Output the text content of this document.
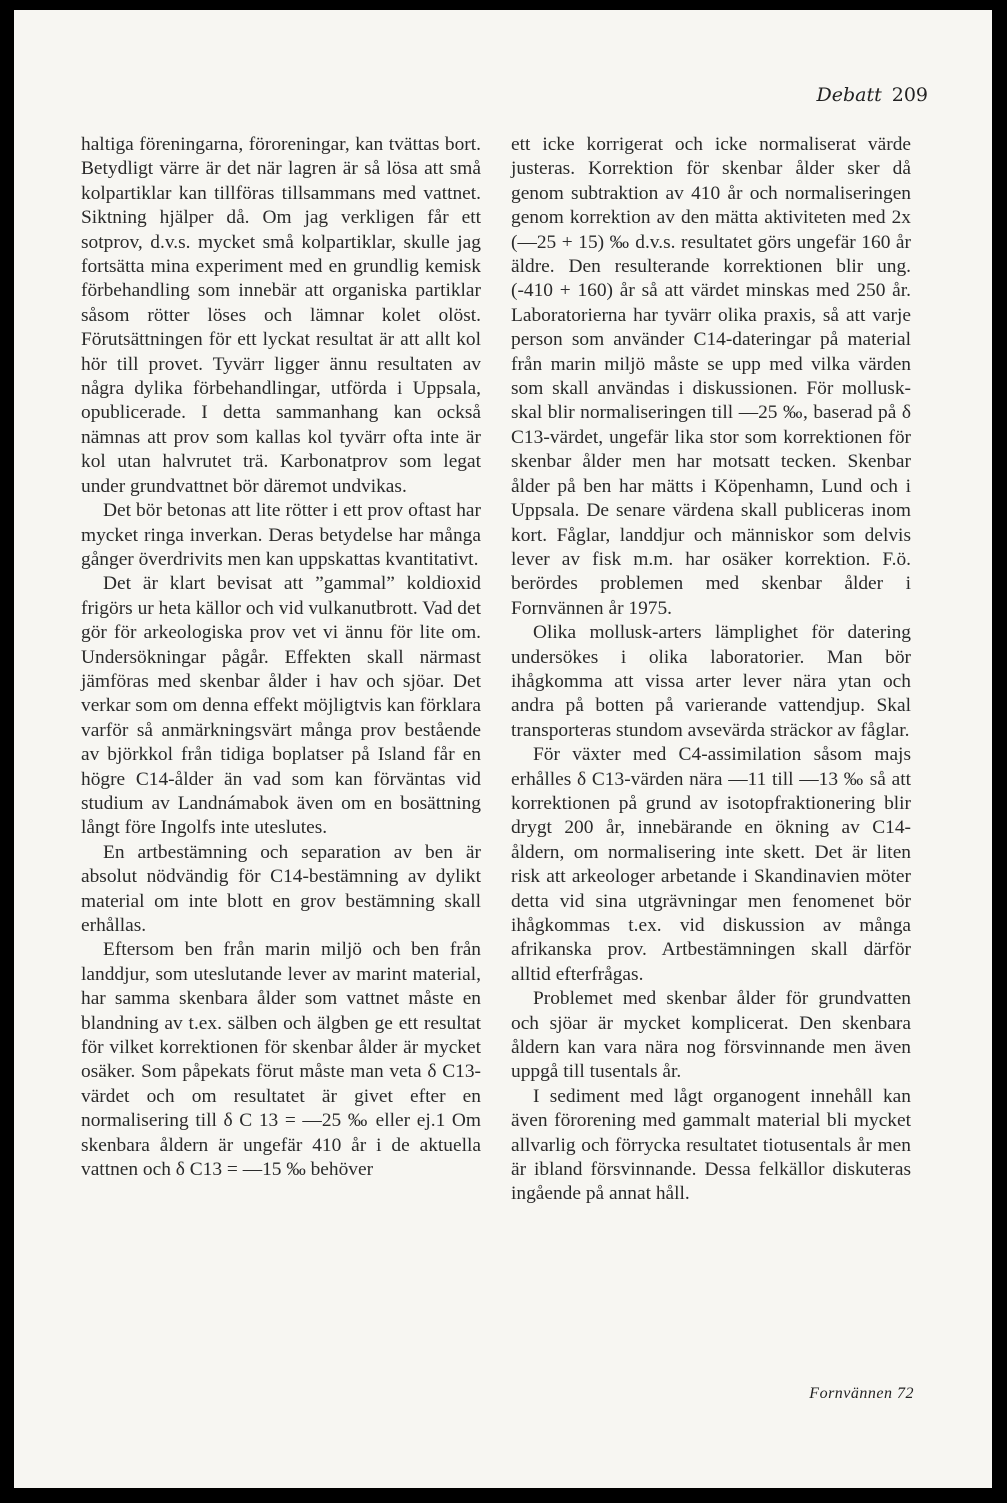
Debatt 209

haltiga föreningarna, föroreningar, kan tvättas bort. Betydligt värre är det när lagren är så lösa att små kolpartiklar kan tillföras tillsammans med vattnet. Siktning hjälper då. Om jag verkligen får ett sotprov, d.v.s. mycket små kolpartiklar, skulle jag fortsätta mina experiment med en grundlig kemisk förbehandling som innebär att organiska partiklar såsom rötter löses och lämnar kolet olöst. Förutsättningen för ett lyckat resultat är att allt kol hör till provet. Tyvärr ligger ännu resultaten av några dylika förbehandlingar, utförda i Uppsala, opublicerade. I detta sammanhang kan också nämnas att prov som kallas kol tyvärr ofta inte är kol utan halvrutet trä. Karbonatprov som legat under grundvattnet bör däremot undvikas.

Det bör betonas att lite rötter i ett prov oftast har mycket ringa inverkan. Deras betydelse har många gånger överdrivits men kan uppskattas kvantitativt.

Det är klart bevisat att ”gammal” koldioxid frigörs ur heta källor och vid vulkanutbrott. Vad det gör för arkeologiska prov vet vi ännu för lite om. Undersökningar pågår. Effekten skall närmast jämföras med skenbar ålder i hav och sjöar. Det verkar som om denna effekt möjligtvis kan förklara varför så anmärkningsvärt många prov bestående av björkkol från tidiga boplatser på Island får en högre C14-ålder än vad som kan förväntas vid studium av Landnámabok även om en bosättning långt före Ingolfs inte uteslutes.

En artbestämning och separation av ben är absolut nödvändig för C14-bestämning av dylikt material om inte blott en grov bestämning skall erhållas.

Eftersom ben från marin miljö och ben från landdjur, som uteslutande lever av marint material, har samma skenbara ålder som vattnet måste en blandning av t.ex. sälben och älgben ge ett resultat för vilket korrektionen för skenbar ålder är mycket osäker. Som påpekats förut måste man veta δ C13-värdet och om resultatet är givet efter en normalisering till δ C 13 = —25 ‰ eller ej.1 Om skenbara åldern är ungefär 410 år i de aktuella vattnen och δ C13 = —15 ‰ behöver

ett icke korrigerat och icke normaliserat värde justeras. Korrektion för skenbar ålder sker då genom subtraktion av 410 år och normaliseringen genom korrektion av den mätta aktiviteten med 2x (—25 + 15) ‰ d.v.s. resultatet görs ungefär 160 år äldre. Den resulterande korrektionen blir ung. (-410 + 160) år så att värdet minskas med 250 år. Laboratorierna har tyvärr olika praxis, så att varje person som använder C14-dateringar på material från marin miljö måste se upp med vilka värden som skall användas i diskussionen. För mollusk-skal blir normaliseringen till —25 ‰, baserad på δ C13-värdet, ungefär lika stor som korrektionen för skenbar ålder men har motsatt tecken. Skenbar ålder på ben har mätts i Köpenhamn, Lund och i Uppsala. De senare värdena skall publiceras inom kort. Fåglar, landdjur och människor som delvis lever av fisk m.m. har osäker korrektion. F.ö. berördes problemen med skenbar ålder i Fornvännen år 1975.

Olika mollusk-arters lämplighet för datering undersökes i olika laboratorier. Man bör ihågkomma att vissa arter lever nära ytan och andra på botten på varierande vattendjup. Skal transporteras stundom avsevärda sträckor av fåglar.

För växter med C4-assimilation såsom majs erhålles δ C13-värden nära —11 till —13 ‰ så att korrektionen på grund av isotopfraktionering blir drygt 200 år, innebärande en ökning av C14-åldern, om normalisering inte skett. Det är liten risk att arkeologer arbetande i Skandinavien möter detta vid sina utgrävningar men fenomenet bör ihågkommas t.ex. vid diskussion av många afrikanska prov. Artbestämningen skall därför alltid efterfrågas.

Problemet med skenbar ålder för grundvatten och sjöar är mycket komplicerat. Den skenbara åldern kan vara nära nog försvinnande men även uppgå till tusentals år.

I sediment med lågt organogent innehåll kan även förorening med gammalt material bli mycket allvarlig och förrycka resultatet tiotusentals år men är ibland försvinnande. Dessa felkällor diskuteras ingående på annat håll.

Fornvännen 72
